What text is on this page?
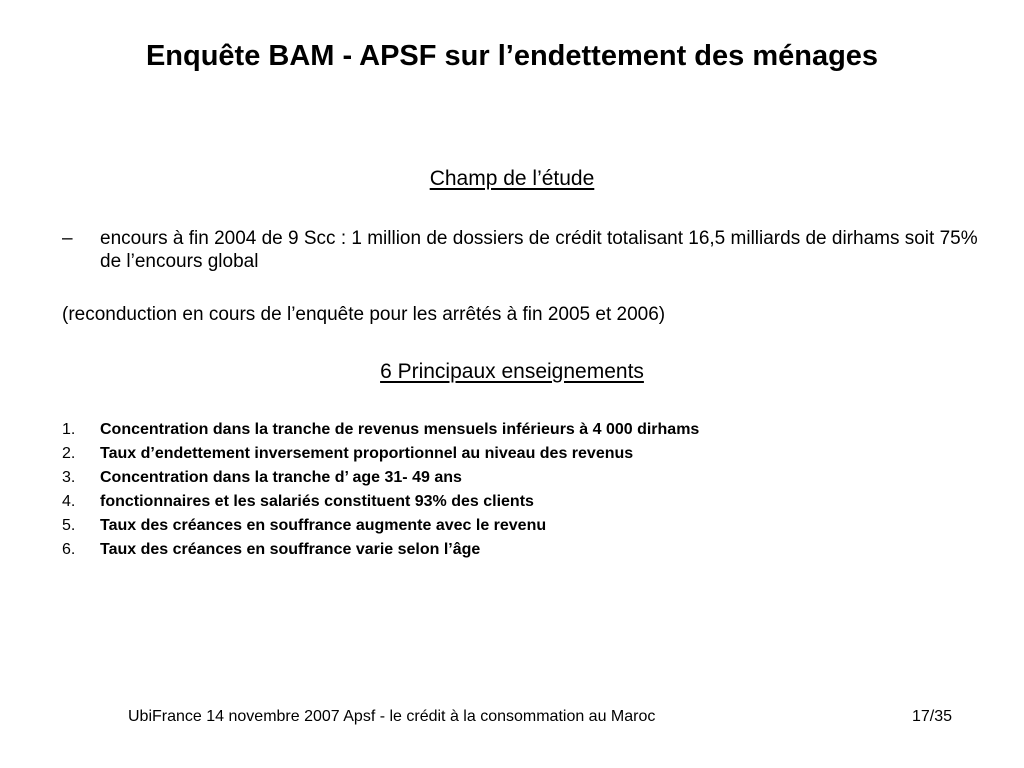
Enquête BAM - APSF sur l’endettement des ménages
Champ de l’étude
– encours à fin 2004 de 9 Scc : 1 million de dossiers de crédit totalisant 16,5 milliards de dirhams soit 75% de l’encours global

(reconduction en cours de l’enquête pour les arrêtés à fin 2005 et 2006)

6 Principaux enseignements
1. Concentration dans la tranche de revenus mensuels inférieurs à 4 000 dirhams
2. Taux d’endettement inversement proportionnel au niveau des revenus
3. Concentration dans la tranche d’ age 31- 49 ans
4. fonctionnaires et les salariés constituent 93% des clients
5. Taux des créances en souffrance augmente avec le revenu
6. Taux des créances en souffrance varie selon l’âge
UbiFrance 14 novembre 2007 Apsf - le crédit à la consommation au Maroc	17/35
